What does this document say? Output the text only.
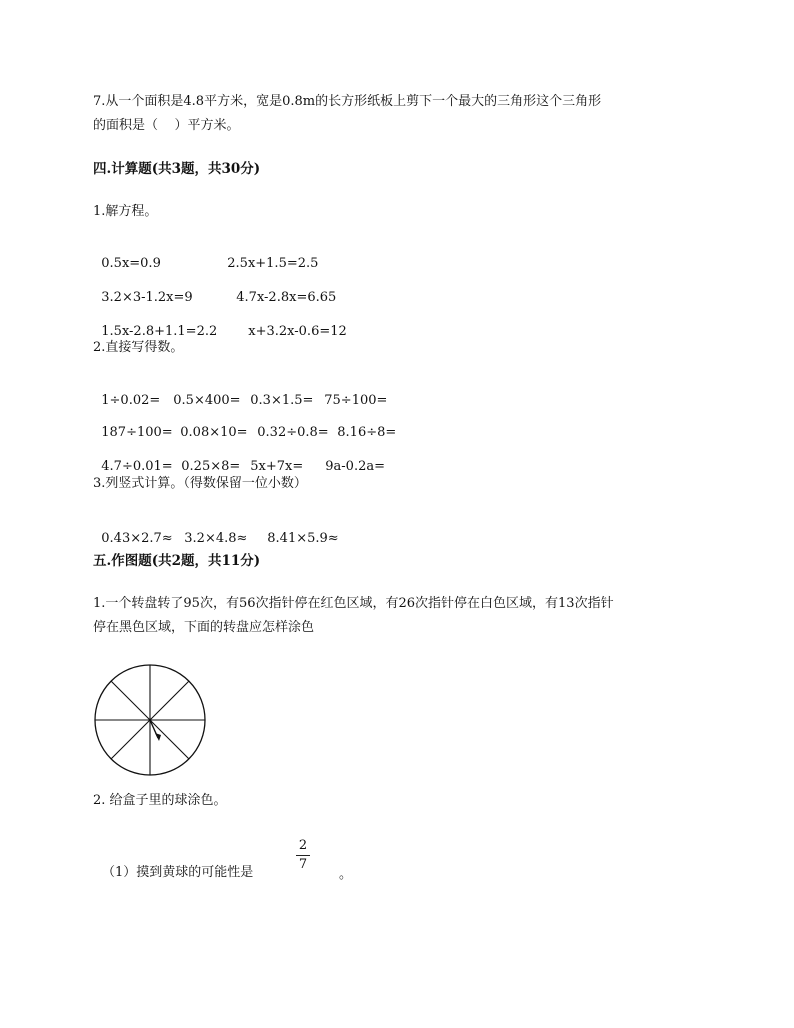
7.从一个面积是4.8平方米，宽是0.8m的长方形纸板上剪下一个最大的三角形这个三角形
的面积是（    ）平方米。
四.计算题(共3题，共30分)
1.解方程。

0.5x=0.9	2.5x+1.5=2.5

3.2×3-1.2x=9	4.7x-2.8x=6.65

1.5x-2.8+1.1=2.2 x+3.2x-0.6=12

2.直接写得数。

1÷0.02= 0.5×400= 0.3×1.5= 75÷100=

187÷100= 0.08×10= 0.32÷0.8= 8.16÷8=

4.7÷0.01= 0.25×8= 5x+7x= 9a-0.2a=

3.列竖式计算。（得数保留一位小数）

0.43×2.7≈ 3.2×4.8≈ 8.41×5.9≈

五.作图题(共2题，共11分)
1.一个转盘转了95次，有56次指针停在红色区域，有26次指针停在白色区域，有13次指针
停在黑色区域，下面的转盘应怎样涂色
2. 给盒子里的球涂色。
（1）摸到黄球的可能性是
2
7
。
